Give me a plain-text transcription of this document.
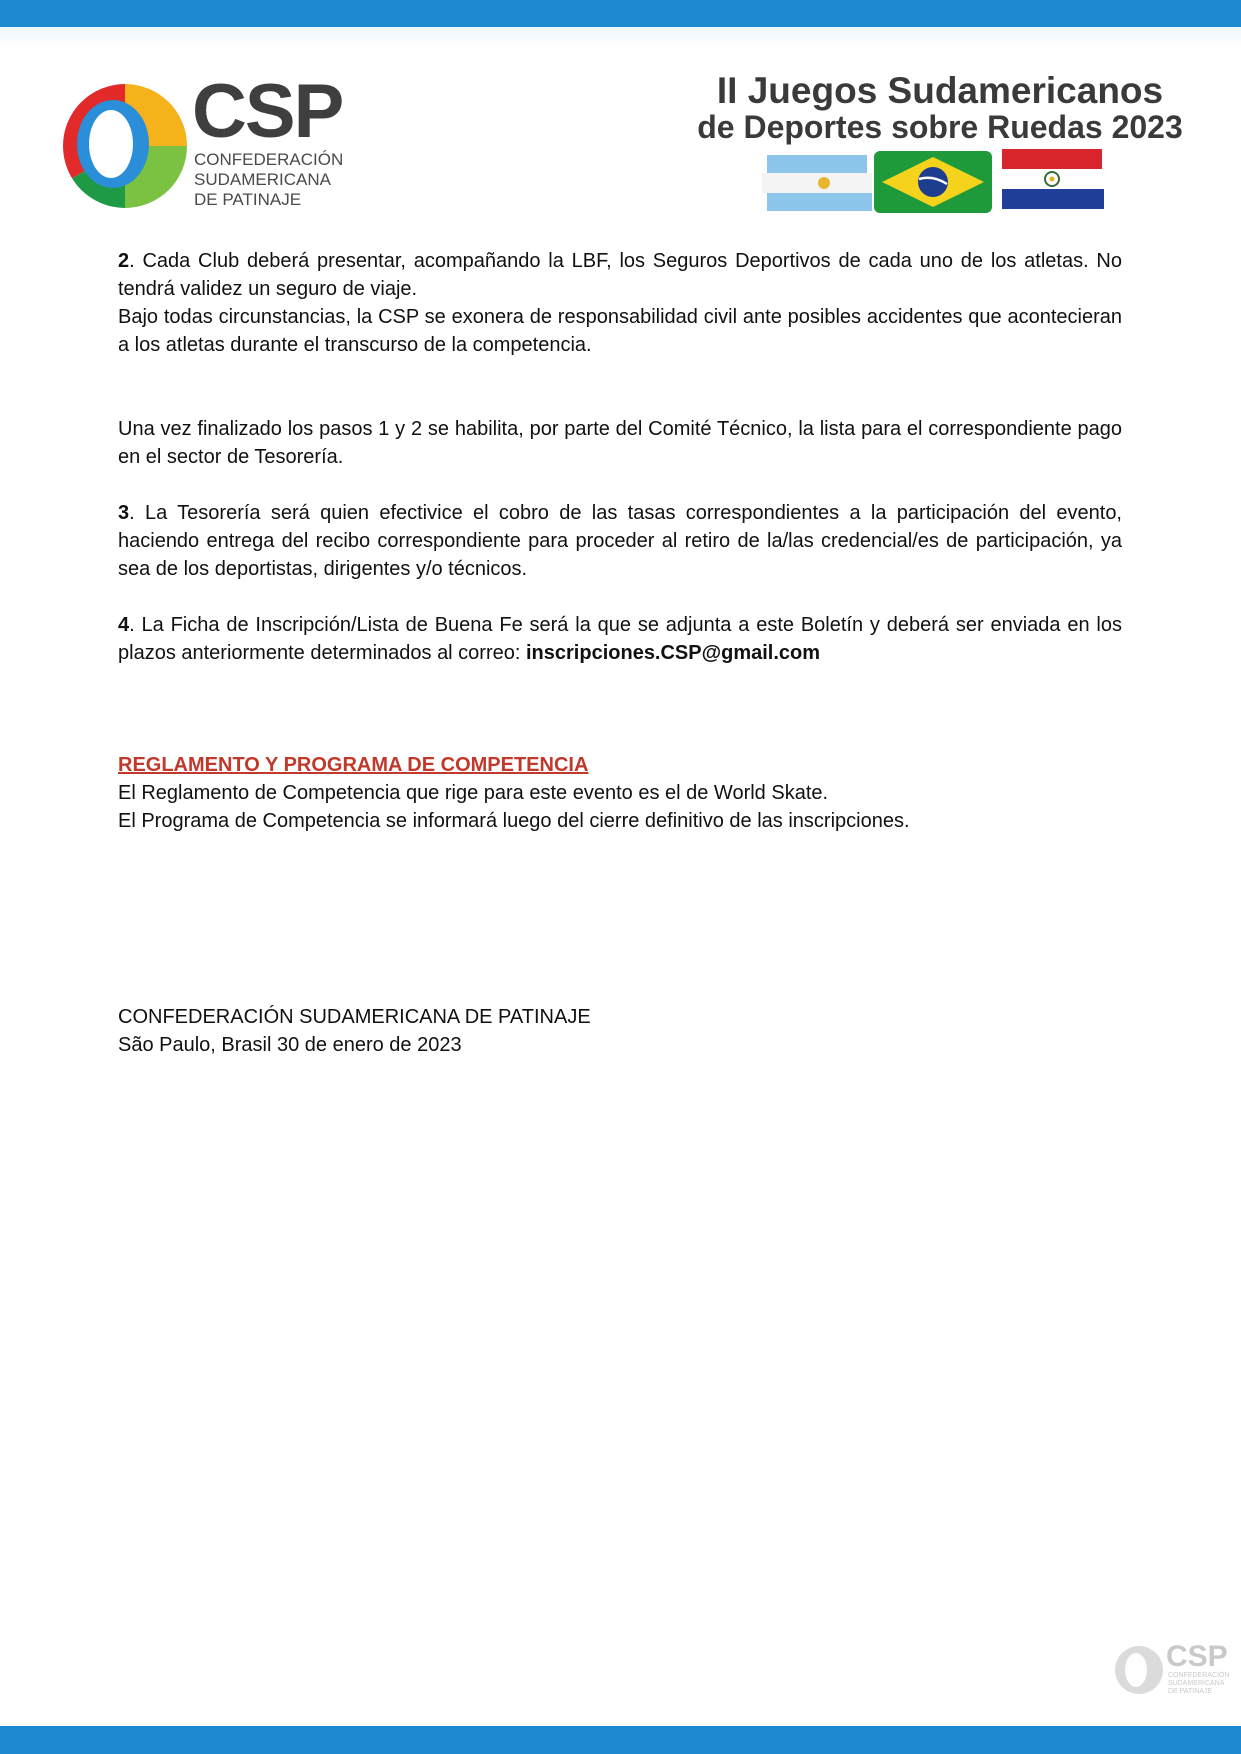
CSP
CONFEDERACIÓN
SUDAMERICANA
DE PATINAJE
II Juegos Sudamericanos
de Deportes sobre Ruedas 2023

2. Cada Club deberá presentar, acompañando la LBF, los Seguros Deportivos de cada uno de los atletas. No tendrá validez un seguro de viaje.

Bajo todas circunstancias, la CSP se exonera de responsabilidad civil ante posibles accidentes que acontecieran a los atletas durante el transcurso de la competencia.

Una vez finalizado los pasos 1 y 2 se habilita, por parte del Comité Técnico, la lista para el correspondiente pago en el sector de Tesorería.

3. La Tesorería será quien efectivice el cobro de las tasas correspondientes a la participación del evento, haciendo entrega del recibo correspondiente para proceder al retiro de la/las credencial/es de participación, ya sea de los deportistas, dirigentes y/o técnicos.

4. La Ficha de Inscripción/Lista de Buena Fe será la que se adjunta a este Boletín y deberá ser enviada en los plazos anteriormente determinados al correo: inscripciones.CSP@gmail.com

REGLAMENTO Y PROGRAMA DE COMPETENCIA

El Reglamento de Competencia que rige para este evento es el de World Skate.

El Programa de Competencia se informará luego del cierre definitivo de las inscripciones.

CONFEDERACIÓN SUDAMERICANA DE PATINAJE

São Paulo, Brasil 30 de enero de 2023

CSP
CONFEDERACIÓN SUDAMERICANA DE PATINAJE
